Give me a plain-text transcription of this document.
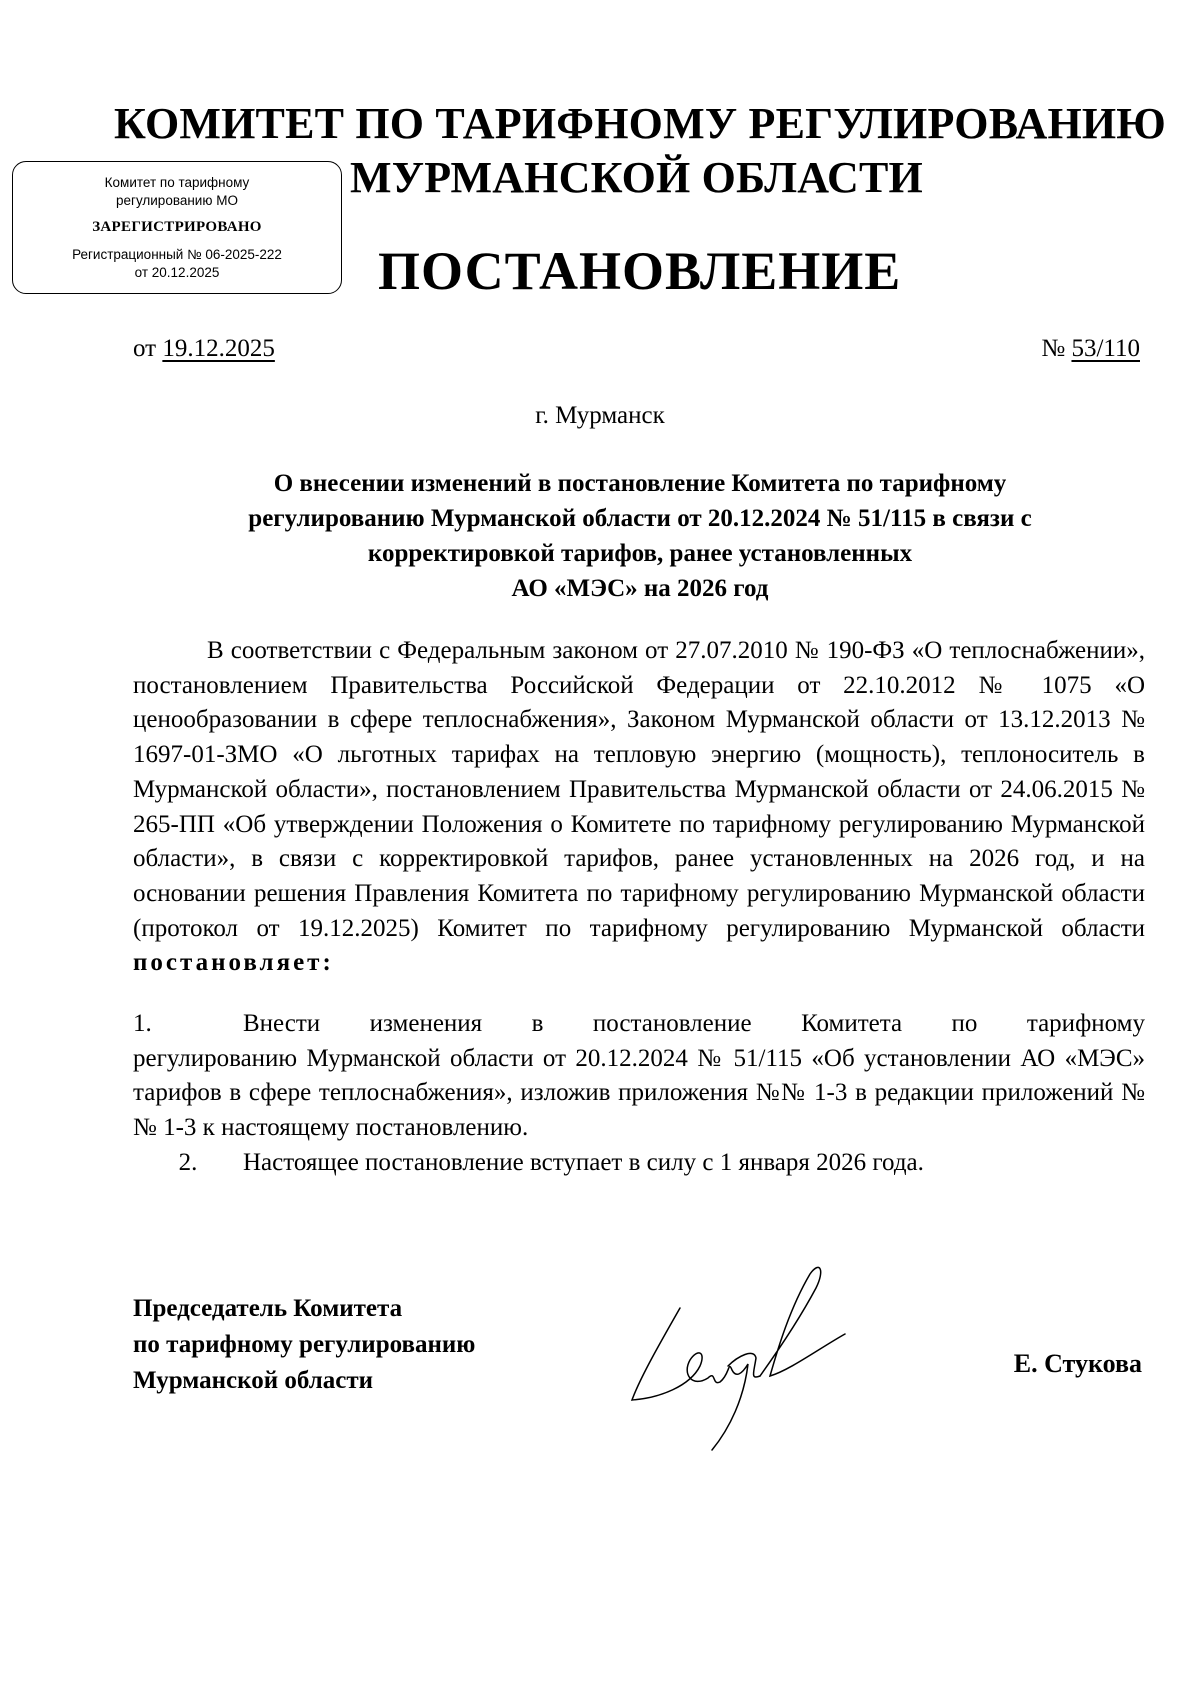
КОМИТЕТ ПО ТАРИФНОМУ РЕГУЛИРОВАНИЮ
МУРМАНСКОЙ ОБЛАСТИ
Комитет по тарифному
регулированию МО
ЗАРЕГИСТРИРОВАНО
Регистрационный № 06-2025-222
от 20.12.2025	ПОСТАНОВЛЕНИЕ
от 19.12.2025	№ 53/110
г. Мурманск
О внесении изменений в постановление Комитета по тарифному
регулированию Мурманской области от 20.12.2024 № 51/115 в связи с
корректировкой тарифов, ранее установленных
АО «МЭС» на 2026 год
В соответствии с Федеральным законом от 27.07.2010 № 190-ФЗ «О теплоснабжении», постановлением Правительства Российской Федерации от 22.10.2012 № 1075 «О ценообразовании в сфере теплоснабжения», Законом Мурманской области от 13.12.2013 № 1697-01-ЗМО «О льготных тарифах на тепловую энергию (мощность), теплоноситель в Мурманской области», постановлением Правительства Мурманской области от 24.06.2015 № 265-ПП «Об утверждении Положения о Комитете по тарифному регулированию Мурманской области», в связи с корректировкой тарифов, ранее установленных на 2026 год, и на основании решения Правления Комитета по тарифному регулированию Мурманской области (протокол от 19.12.2025) Комитет по тарифному регулированию Мурманской области постановляет:
1.	Внести изменения в постановление Комитета по тарифному
регулированию Мурманской области от 20.12.2024 № 51/115 «Об установлении АО «МЭС» тарифов в сфере теплоснабжения», изложив приложения №№ 1-3 в редакции приложений №№ 1-3 к настоящему постановлению.
2.	Настоящее постановление вступает в силу с 1 января 2026 года.
Председатель Комитета
по тарифному регулированию
Мурманской области
Е. Стукова
